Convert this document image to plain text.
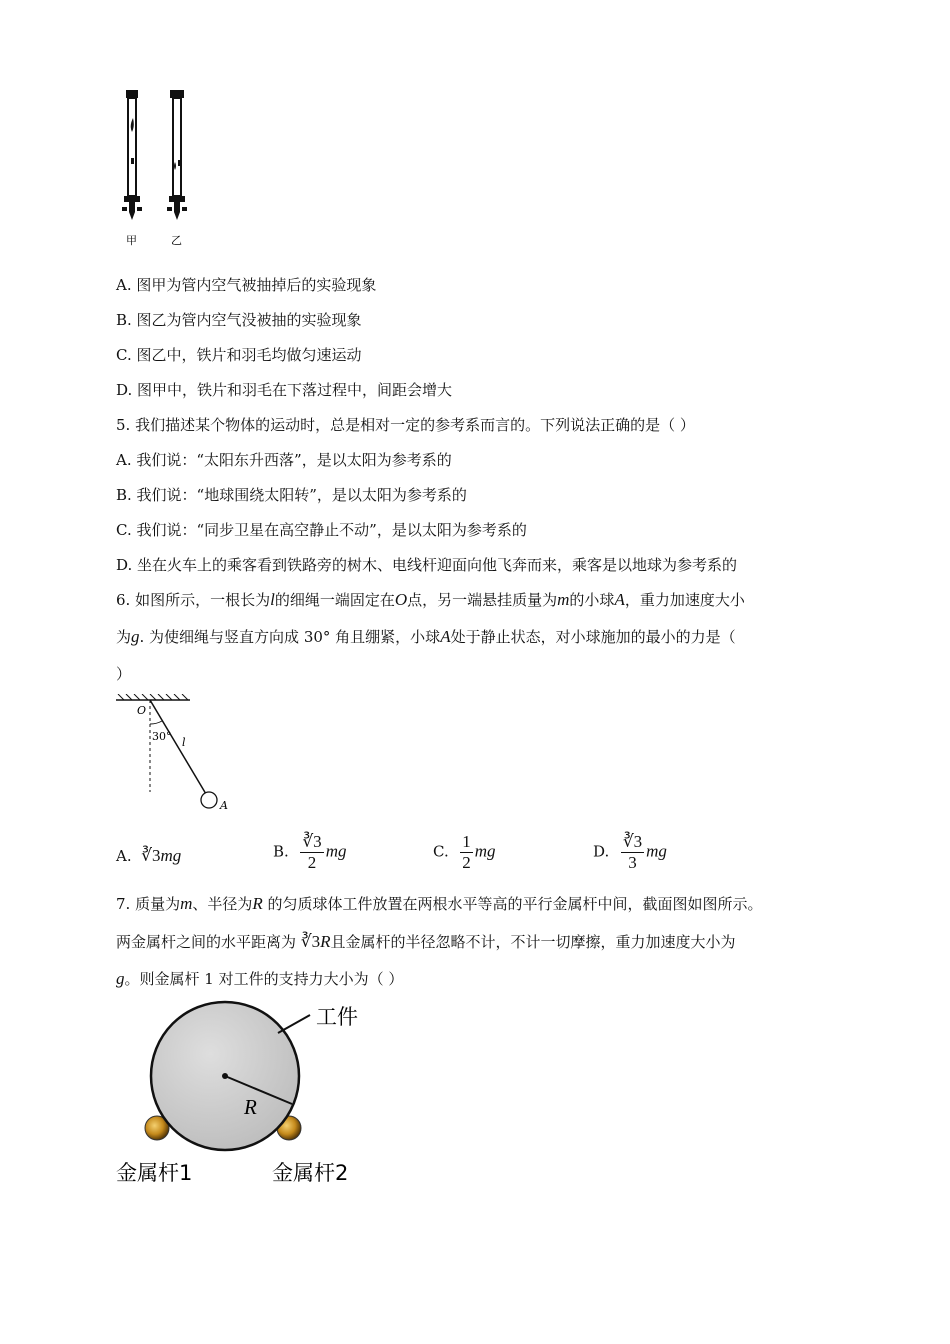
甲	乙
A. 图甲为管内空气被抽掉后的实验现象
B. 图乙为管内空气没被抽的实验现象
C. 图乙中，铁片和羽毛均做匀速运动
D. 图甲中，铁片和羽毛在下落过程中，间距会增大
5. 我们描述某个物体的运动时，总是相对一定的参考系而言的。下列说法正确的是（ ）
A. 我们说：“太阳东升西落”，是以太阳为参考系的
B. 我们说：“地球围绕太阳转”，是以太阳为参考系的
C. 我们说：“同步卫星在高空静止不动”，是以太阳为参考系的
D. 坐在火车上的乘客看到铁路旁的树木、电线杆迎面向他飞奔而来，乘客是以地球为参考系的
6. 如图所示，一根长为l的细绳一端固定在O点，另一端悬挂质量为m的小球A，重力加速度大小
为g. 为使细绳与竖直方向成 30° 角且绷紧，小球A处于静止状态，对小球施加的最小的力是（
）
O
30° l
A
A. ∛3mg	B. $\frac{∛3}{2}$ mg	C. $\frac{1}{2}$ mg	D. $\frac{∛3}{3}$ mg
7. 质量为m、半径为R 的匀质球体工件放置在两根水平等高的平行金属杆中间，截面图如图所示。
两金属杆之间的水平距离为 ∛3R且金属杆的半径忽略不计，不计一切摩擦，重力加速度大小为
g。则金属杆 1 对工件的支持力大小为（ ）
工件
R
金属杆1	金属杆2
